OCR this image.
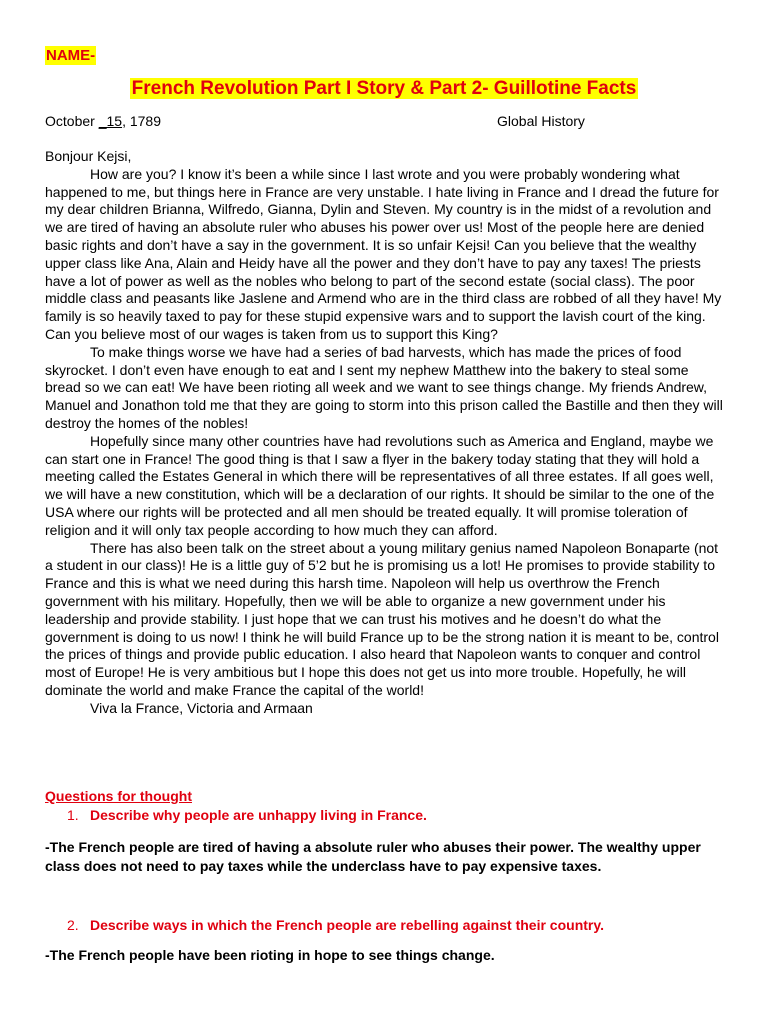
NAME-
French Revolution Part I Story & Part 2- Guillotine Facts
October _15, 1789	Global History

Bonjour Kejsi,

How are you? I know it’s been a while since I last wrote and you were probably wondering what happened to me, but things here in France are very unstable. I hate living in France and I dread the future for my dear children Brianna, Wilfredo, Gianna, Dylin and Steven. My country is in the midst of a revolution and we are tired of having an absolute ruler who abuses his power over us! Most of the people here are denied basic rights and don’t have a say in the government. It is so unfair Kejsi! Can you believe that the wealthy upper class like Ana, Alain and Heidy have all the power and they don’t have to pay any taxes! The priests have a lot of power as well as the nobles who belong to part of the second estate (social class). The poor middle class and peasants like Jaslene and Armend who are in the third class are robbed of all they have! My family is so heavily taxed to pay for these stupid expensive wars and to support the lavish court of the king. Can you believe most of our wages is taken from us to support this King?

To make things worse we have had a series of bad harvests, which has made the prices of food skyrocket. I don’t even have enough to eat and I sent my nephew Matthew into the bakery to steal some bread so we can eat! We have been rioting all week and we want to see things change. My friends Andrew, Manuel and Jonathon told me that they are going to storm into this prison called the Bastille and then they will destroy the homes of the nobles!

Hopefully since many other countries have had revolutions such as America and England, maybe we can start one in France! The good thing is that I saw a flyer in the bakery today stating that they will hold a meeting called the Estates General in which there will be representatives of all three estates. If all goes well, we will have a new constitution, which will be a declaration of our rights. It should be similar to the one of the USA where our rights will be protected and all men should be treated equally. It will promise toleration of religion and it will only tax people according to how much they can afford.

There has also been talk on the street about a young military genius named Napoleon Bonaparte (not a student in our class)! He is a little guy of 5’2 but he is promising us a lot! He promises to provide stability to France and this is what we need during this harsh time. Napoleon will help us overthrow the French government with his military. Hopefully, then we will be able to organize a new government under his leadership and provide stability. I just hope that we can trust his motives and he doesn’t do what the government is doing to us now! I think he will build France up to be the strong nation it is meant to be, control the prices of things and provide public education. I also heard that Napoleon wants to conquer and control most of Europe! He is very ambitious but I hope this does not get us into more trouble. Hopefully, he will dominate the world and make France the capital of the world!

Viva la France, Victoria and Armaan

Questions for thought
1. Describe why people are unhappy living in France.
-The French people are tired of having a absolute ruler who abuses their power. The wealthy upper class does not need to pay taxes while the underclass have to pay expensive taxes.
2. Describe ways in which the French people are rebelling against their country.
-The French people have been rioting in hope to see things change.
